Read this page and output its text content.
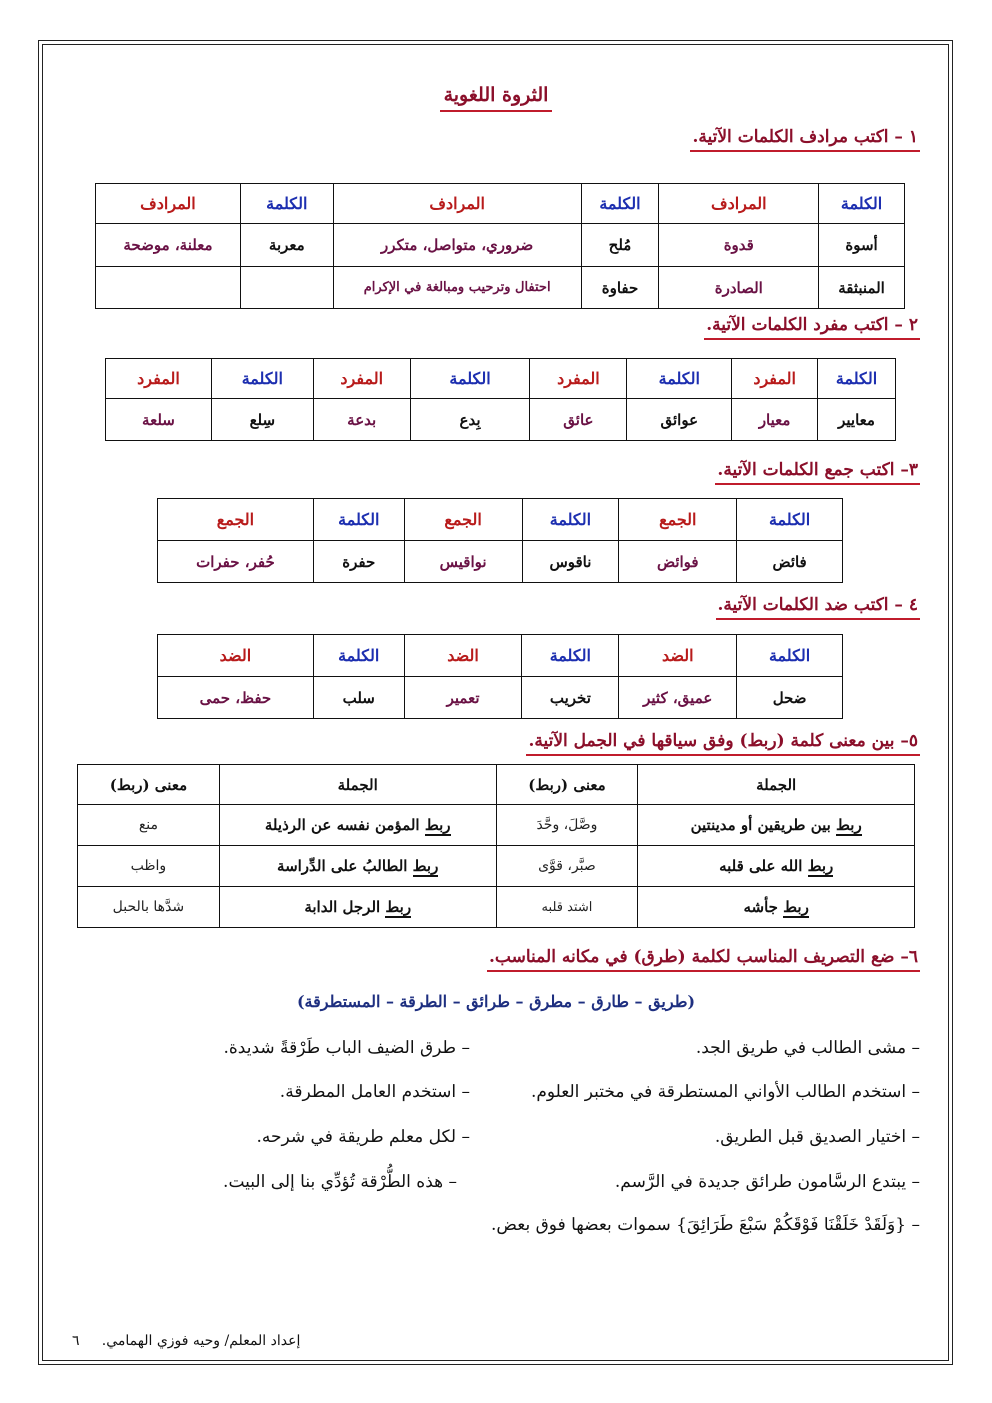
الثروة اللغوية
١ – اكتب مرادف الكلمات الآتية.
الكلمة	المرادف	الكلمة	المرادف	الكلمة	المرادف
أسوة	قدوة	مُلح	ضروري، متواصل، متكرر	معربة	معلنة، موضحة
المنبثقة	الصادرة	حفاوة	احتفال وترحيب ومبالغة في الإكرام		
٢ – اكتب مفرد الكلمات الآتية.
الكلمة	المفرد	الكلمة	المفرد	الكلمة	المفرد	الكلمة	المفرد
معايير	معيار	عوائق	عائق	بِدع	بدعة	سِلع	سلعة
٣– اكتب جمع الكلمات الآتية.
الكلمة	الجمع	الكلمة	الجمع	الكلمة	الجمع
فائض	فوائض	ناقوس	نواقيس	حفرة	حُفر، حفرات
٤ – اكتب ضد الكلمات الآتية.
الكلمة	الضد	الكلمة	الضد	الكلمة	الضد
ضحل	عميق، كثير	تخريب	تعمير	سلب	حفظ، حمى
٥– بين معنى كلمة (ربط) وفق سياقها في الجمل الآتية.
الجملة	معنى (ربط)	الجملة	معنى (ربط)
ربط بين طريقين أو مدينتين	وصَّلَ، وحَّدَ	ربط المؤمن نفسه عن الرذيلة	منع
ربط الله على قلبه	صبَّر، قوَّى	ربط الطالبُ على الدِّراسة	واظب
ربط جأشه	اشتد قلبه	ربط الرجل الدابة	شدَّها بالحبل
٦– ضع التصريف المناسب لكلمة (طرق) في مكانه المناسب.
(طريق – طارق – مطرق – طرائق – الطرقة – المستطرقة)
– مشى الطالب في طريق الجد.
– استخدم الطالب الأواني المستطرقة في مختبر العلوم.
– اختيار الصديق قبل الطريق.
– يبتدع الرسَّامون طرائق جديدة في الرَّسم.
– {وَلَقَدْ خَلَقْنَا فَوْقَكُمْ سَبْعَ طَرَائِقَ} سموات بعضها فوق بعض.
– طرق الضيف الباب طَرْقةً شديدة.
– استخدم العامل المطرقة.
– لكل معلم طريقة في شرحه.
– هذه الطُّرْقة تُؤدِّي بنا إلى البيت.
إعداد المعلم/ وحيه فوزي الهمامي.     ٦
